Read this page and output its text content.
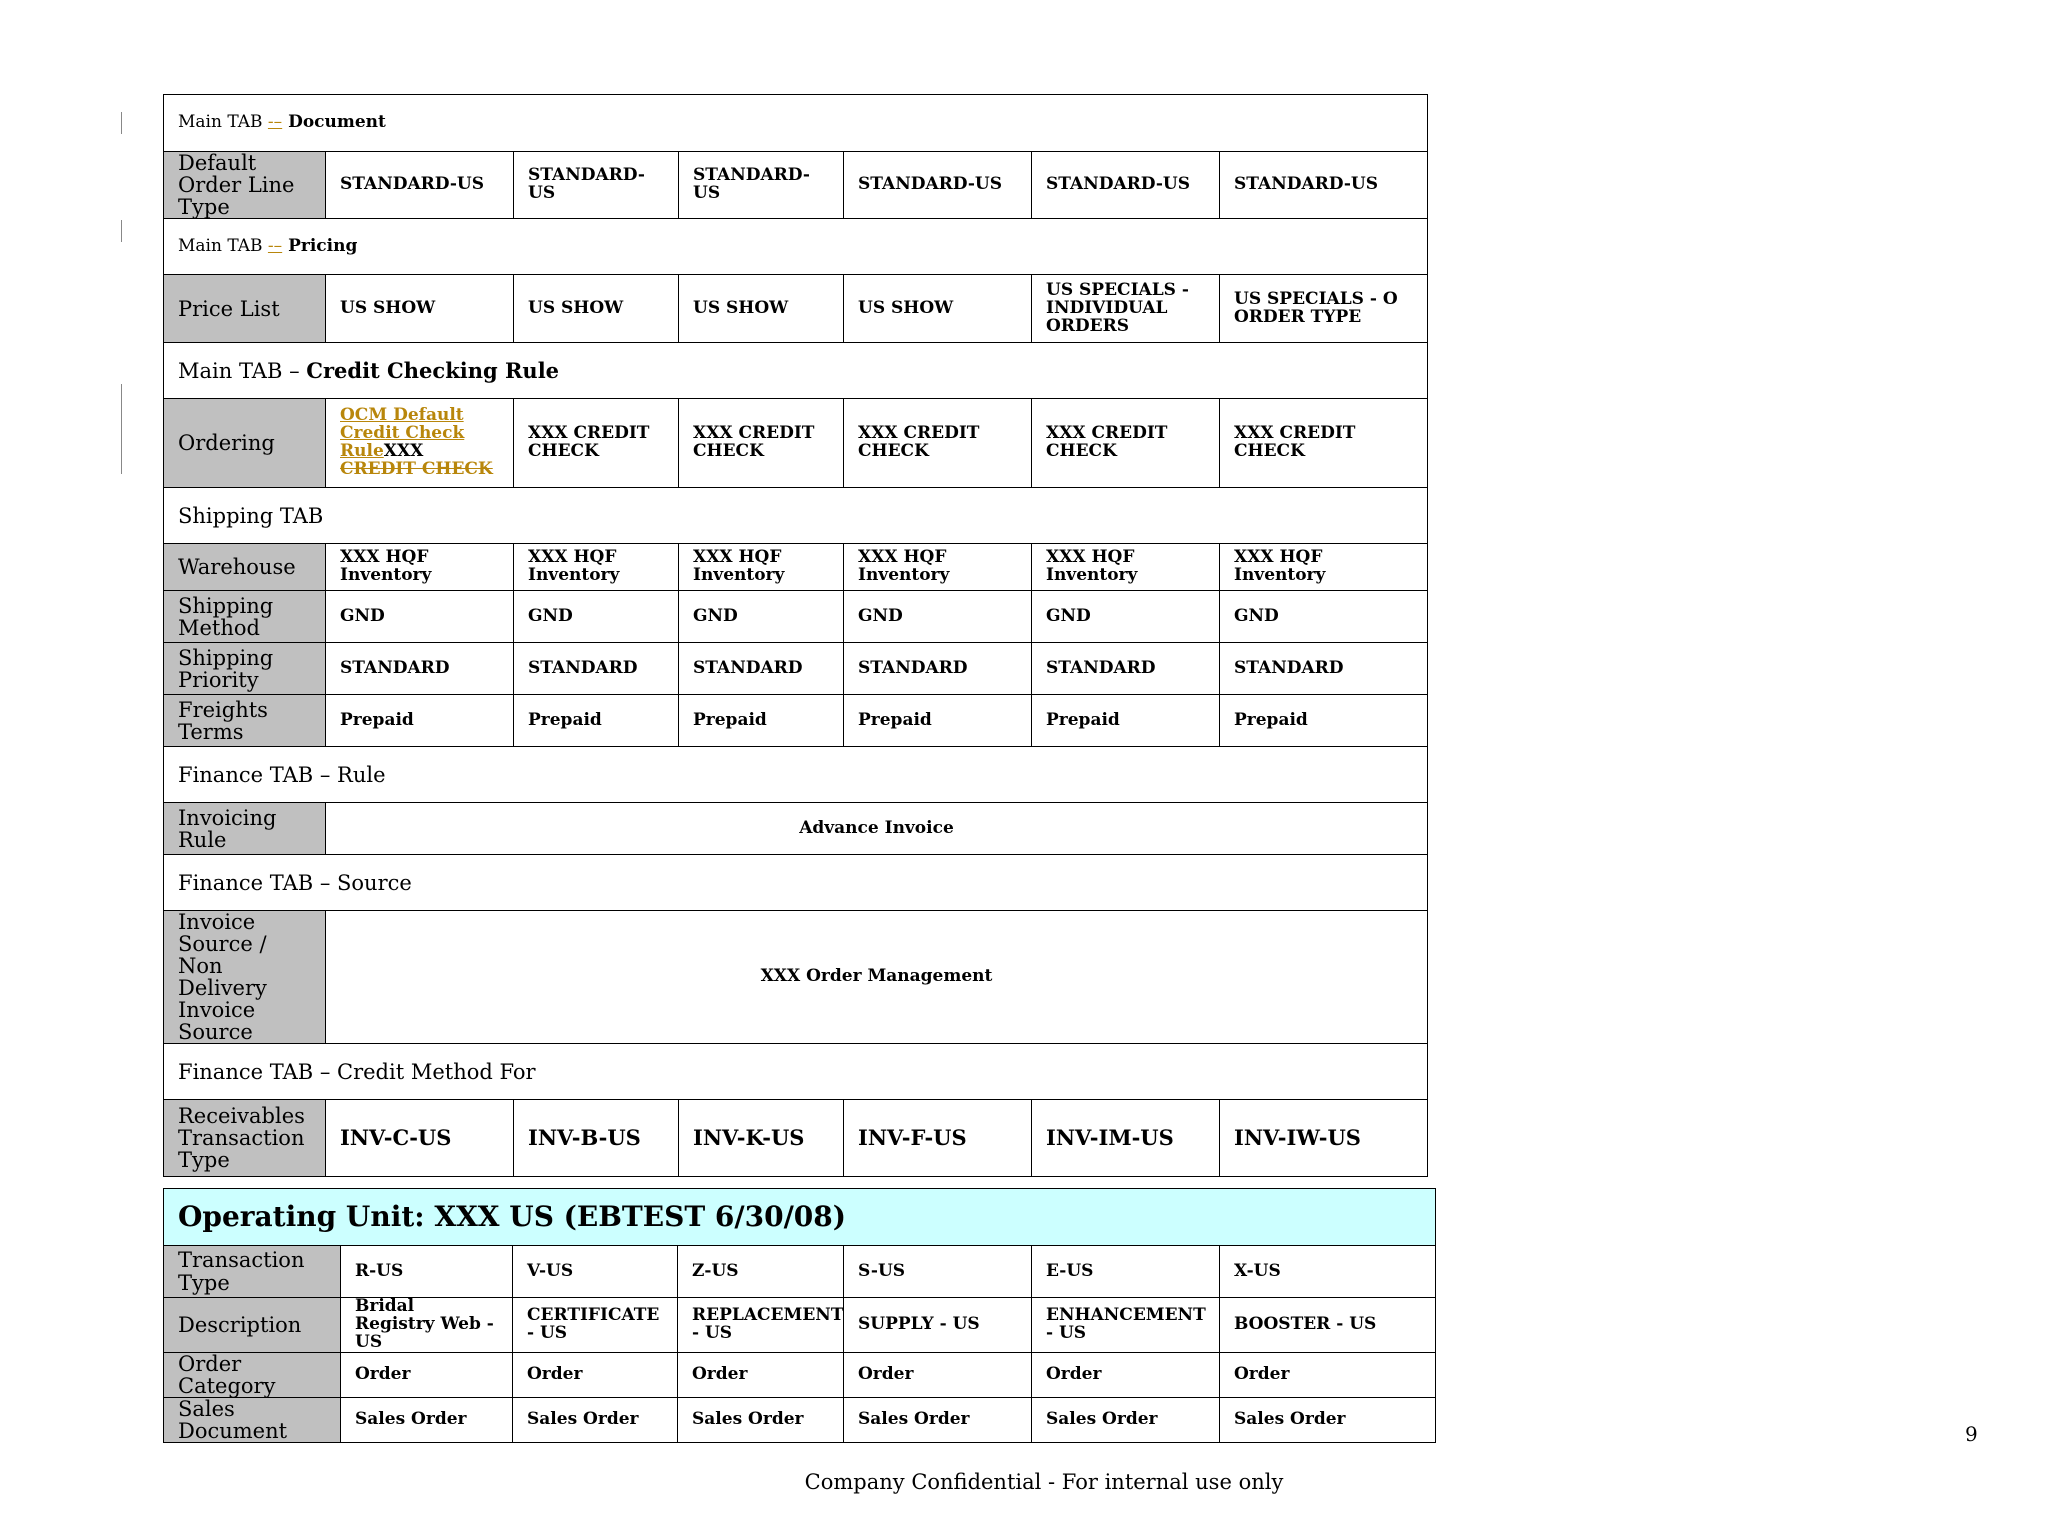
Main TAB -– Document						
Default Order Line Type	STANDARD-US	STANDARD-US	STANDARD-US	STANDARD-US	STANDARD-US	STANDARD-US
Main TAB -– Pricing						
Price List	US SHOW	US SHOW	US SHOW	US SHOW	US SPECIALS - INDIVIDUAL ORDERS	US SPECIALS - O ORDER TYPE
Main TAB – Credit Checking Rule						
Ordering	OCM Default Credit Check RuleXXX CREDIT CHECK	XXX CREDIT CHECK	XXX CREDIT CHECK	XXX CREDIT CHECK	XXX CREDIT CHECK	XXX CREDIT CHECK
Shipping TAB						
Warehouse	XXX HQF Inventory	XXX HQF Inventory	XXX HQF Inventory	XXX HQF Inventory	XXX HQF Inventory	XXX HQF Inventory
Shipping Method	GND	GND	GND	GND	GND	GND
Shipping Priority	STANDARD	STANDARD	STANDARD	STANDARD	STANDARD	STANDARD
Freights Terms	Prepaid	Prepaid	Prepaid	Prepaid	Prepaid	Prepaid
Finance TAB – Rule						
Invoicing Rule	Advance Invoice					
Finance TAB – Source						
Invoice Source / Non Delivery Invoice Source	XXX Order Management					
Finance TAB – Credit Method For						
Receivables Transaction Type	INV-C-US	INV-B-US	INV-K-US	INV-F-US	INV-IM-US	INV-IW-US
Operating Unit: XXX US (EBTEST 6/30/08)						
Transaction Type	R-US	V-US	Z-US	S-US	E-US	X-US
Description	Bridal Registry Web - US	CERTIFICATE - US	REPLACEMENT - US	SUPPLY - US	ENHANCEMENT - US	BOOSTER - US
Order Category	Order	Order	Order	Order	Order	Order
Sales Document	Sales Order	Sales Order	Sales Order	Sales Order	Sales Order	Sales Order
9
Company Confidential - For internal use only
